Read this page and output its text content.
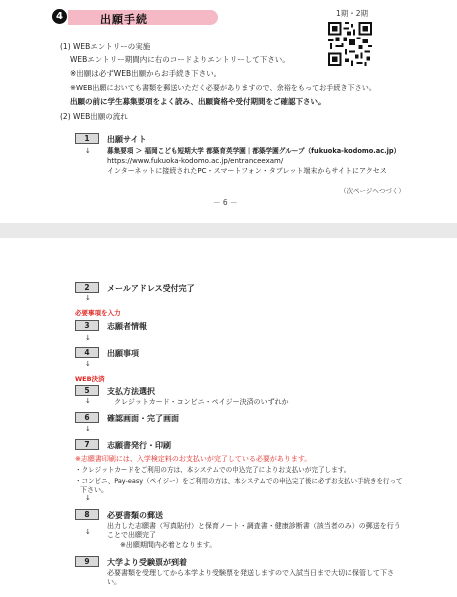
4	出願手続	1期・2期
(1) WEBエントリーの実施
WEBエントリー期間内に右のコードよりエントリーして下さい。
※出願は必ずWEB出願からお手続き下さい。
※WEB出願においても書類を郵送いただく必要がありますので、余裕をもってお手続き下さい。
出願の前に学生募集要項をよく読み、出願資格や受付期間をご確認下さい。
(2) WEB出願の流れ
1	出願サイト
↓ 募集要項 ＞ 福岡こども短期大学 都築育英学園｜都築学園グループ（fukuoka-kodomo.ac.jp）
https://www.fukuoka-kodomo.ac.jp/entranceexam/
インターネットに接続されたPC・スマートフォン・タブレット端末からサイトにアクセス
（次ページへつづく）
－ 6 －
2	メールアドレス受付完了
↓
必要事項を入力
3	志願者情報
↓
4	出願事項
↓
WEB決済
5	支払方法選択
↓	クレジットカード・コンビニ・ペイジー決済のいずれか
6	確認画面・完了画面
↓
7	志願書発行・印刷
※志願書印刷には、入学検定料のお支払いが完了している必要があります。
・クレジットカードをご利用の方は、本システムでの申込完了によりお支払いが完了します。
・コンビニ、Pay-easy（ペイジー）をご利用の方は、本システムでの申込完了後に必ずお支払い手続きを行って
下さい。
↓
8	必要書類の郵送
出力した志願書（写真貼付）と保育ノート・調査書・健康診断書（該当者のみ）の郵送を行うことで出願完了
※出願期間内必着となります。
↓
9	大学より受験票が到着
必要書類を受理してから本学より受験票を発送しますので入試当日まで大切に保管して下さい。
